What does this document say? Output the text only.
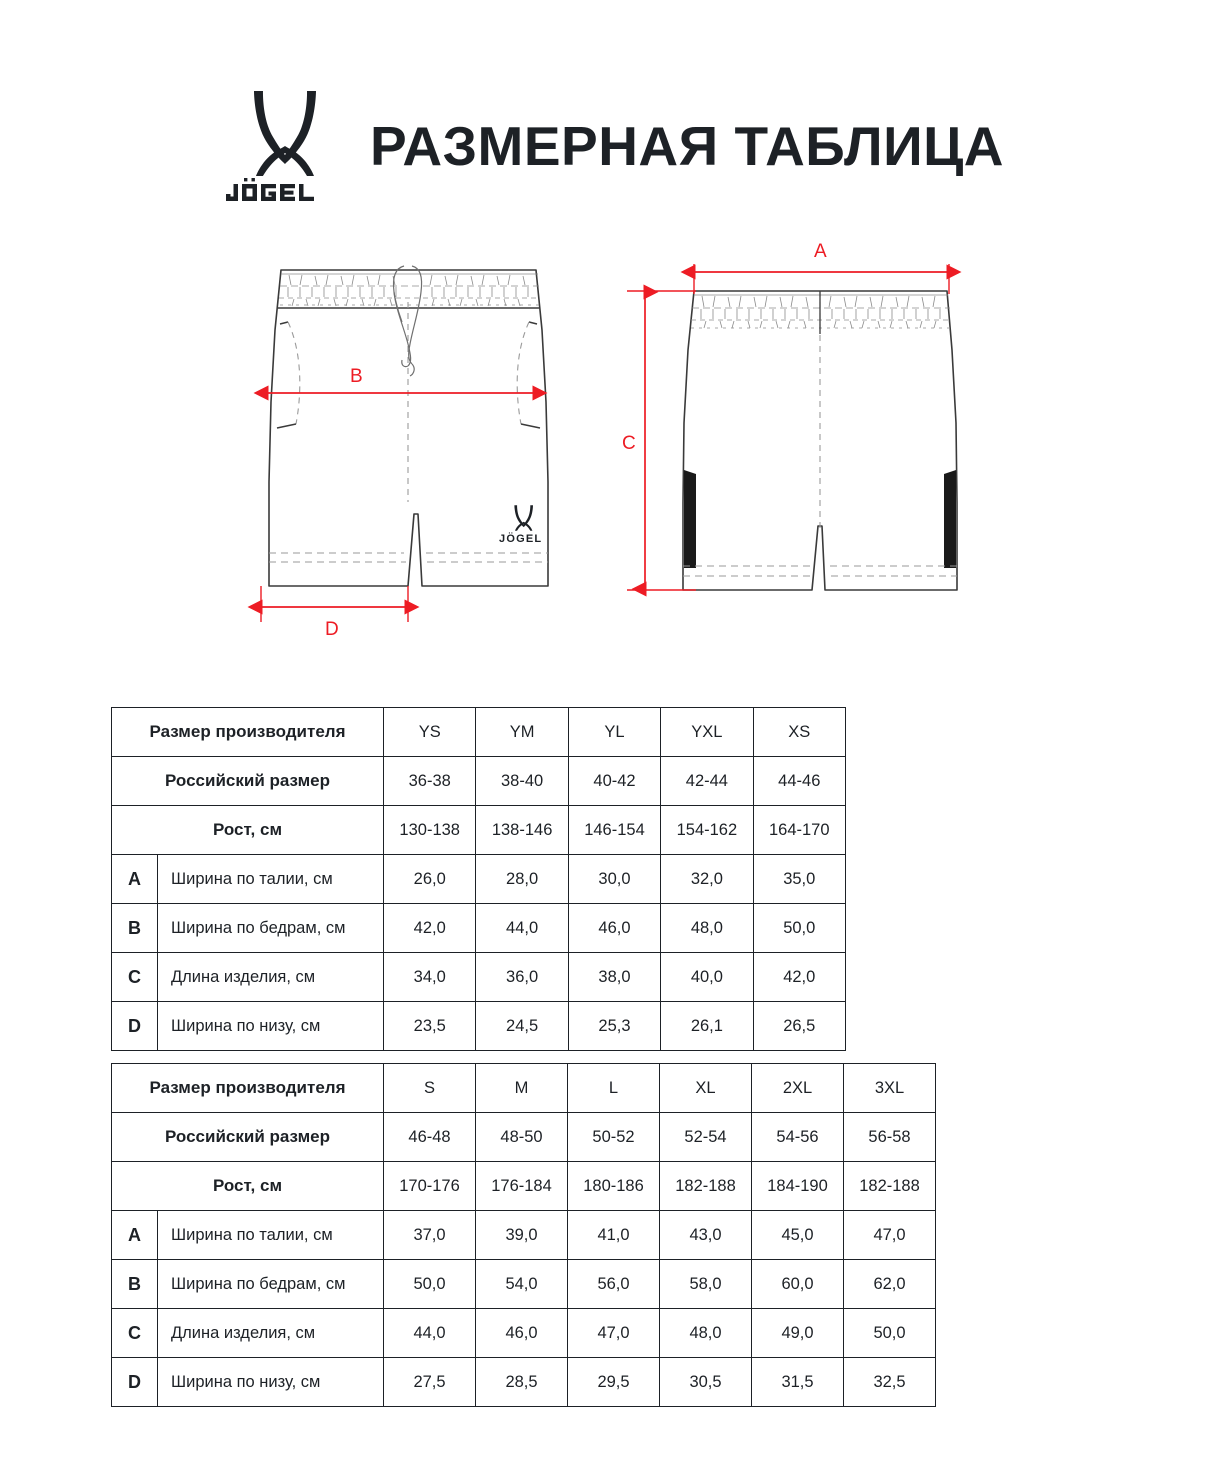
РАЗМЕРНАЯ ТАБЛИЦА
JÖGEL
B
D
A
C
Размер производителя		YS	YM	YL	YXL	XS
Российский размер		36-38	38-40	40-42	42-44	44-46
Рост, см		130-138	138-146	146-154	154-162	164-170
A	Ширина по талии, см	26,0	28,0	30,0	32,0	35,0
B	Ширина по бедрам, см	42,0	44,0	46,0	48,0	50,0
C	Длина изделия, см	34,0	36,0	38,0	40,0	42,0
D	Ширина по низу, см	23,5	24,5	25,3	26,1	26,5
Размер производителя		S	M	L	XL	2XL	3XL
Российский размер		46-48	48-50	50-52	52-54	54-56	56-58
Рост, см		170-176	176-184	180-186	182-188	184-190	182-188
A	Ширина по талии, см	37,0	39,0	41,0	43,0	45,0	47,0
B	Ширина по бедрам, см	50,0	54,0	56,0	58,0	60,0	62,0
C	Длина изделия, см	44,0	46,0	47,0	48,0	49,0	50,0
D	Ширина по низу, см	27,5	28,5	29,5	30,5	31,5	32,5
